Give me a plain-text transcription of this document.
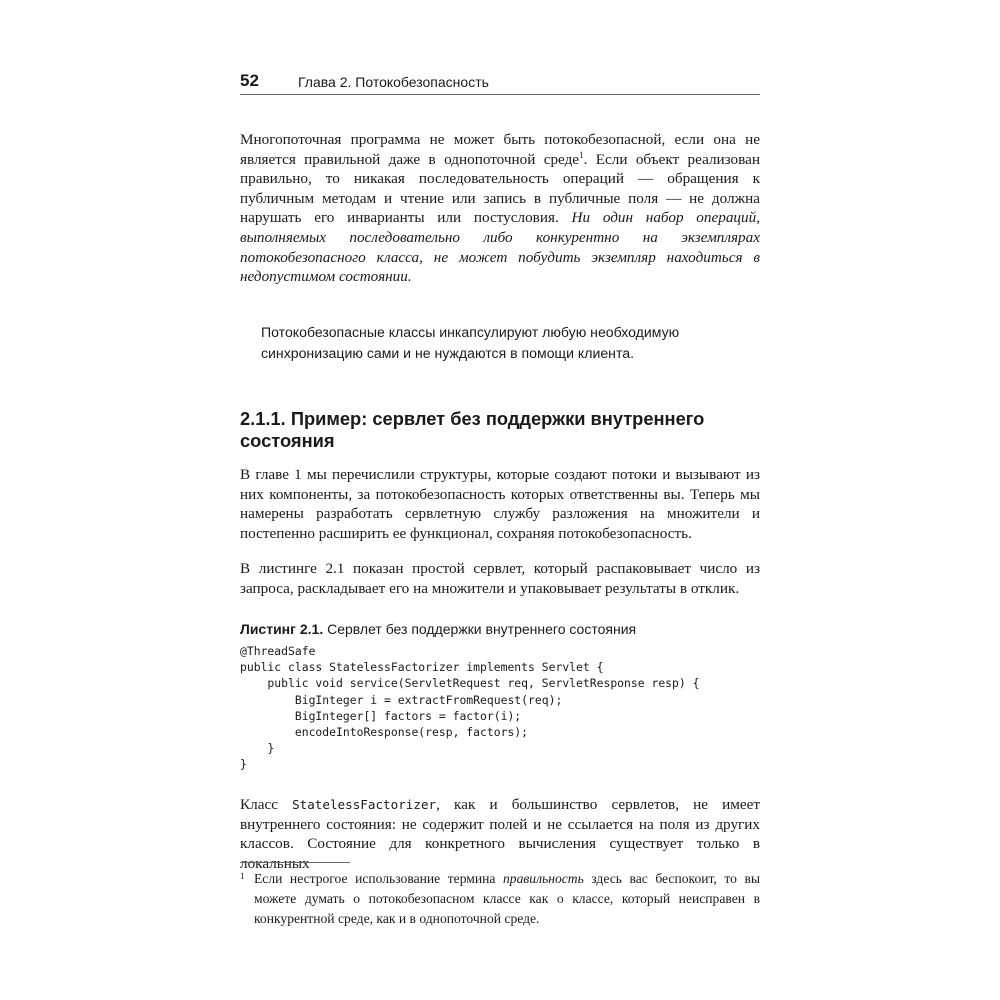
52	Глава 2. Потокобезопасность

Многопоточная программа не может быть потокобезопасной, если она не является правильной даже в однопоточной среде$^1$. Если объект реализован правильно, то никакая последовательность операций — обращения к публичным методам и чтение или запись в публичные поля — не должна нарушать его инварианты или постусловия. Ни один набор операций, выполняемых последовательно либо конкурентно на экземплярах потокобезопасного класса, не может побудить экземпляр находиться в недопустимом состоянии.

Потокобезопасные классы инкапсулируют любую необходимую синхронизацию сами и не нуждаются в помощи клиента.

2.1.1. Пример: сервлет без поддержки внутреннего состояния

В главе 1 мы перечислили структуры, которые создают потоки и вызывают из них компоненты, за потокобезопасность которых ответственны вы. Теперь мы намерены разработать сервлетную службу разложения на множители и постепенно расширить ее функционал, сохраняя потокобезопасность.

В листинге 2.1 показан простой сервлет, который распаковывает число из запроса, раскладывает его на множители и упаковывает результаты в отклик.

Листинг 2.1. Сервлет без поддержки внутреннего состояния

@ThreadSafe
public class StatelessFactorizer implements Servlet {
public void service(ServletRequest req, ServletResponse resp) {
BigInteger i = extractFromRequest(req);
BigInteger[] factors = factor(i);
encodeIntoResponse(resp, factors);
}
}

Класс StatelessFactorizer, как и большинство сервлетов, не имеет внутреннего состояния: не содержит полей и не ссылается на поля из других классов. Состояние для конкретного вычисления существует только в локальных

1 Если нестрогое использование термина правильность здесь вас беспокоит, то вы можете думать о потокобезопасном классе как о классе, который неисправен в конкурентной среде, как и в однопоточной среде.
